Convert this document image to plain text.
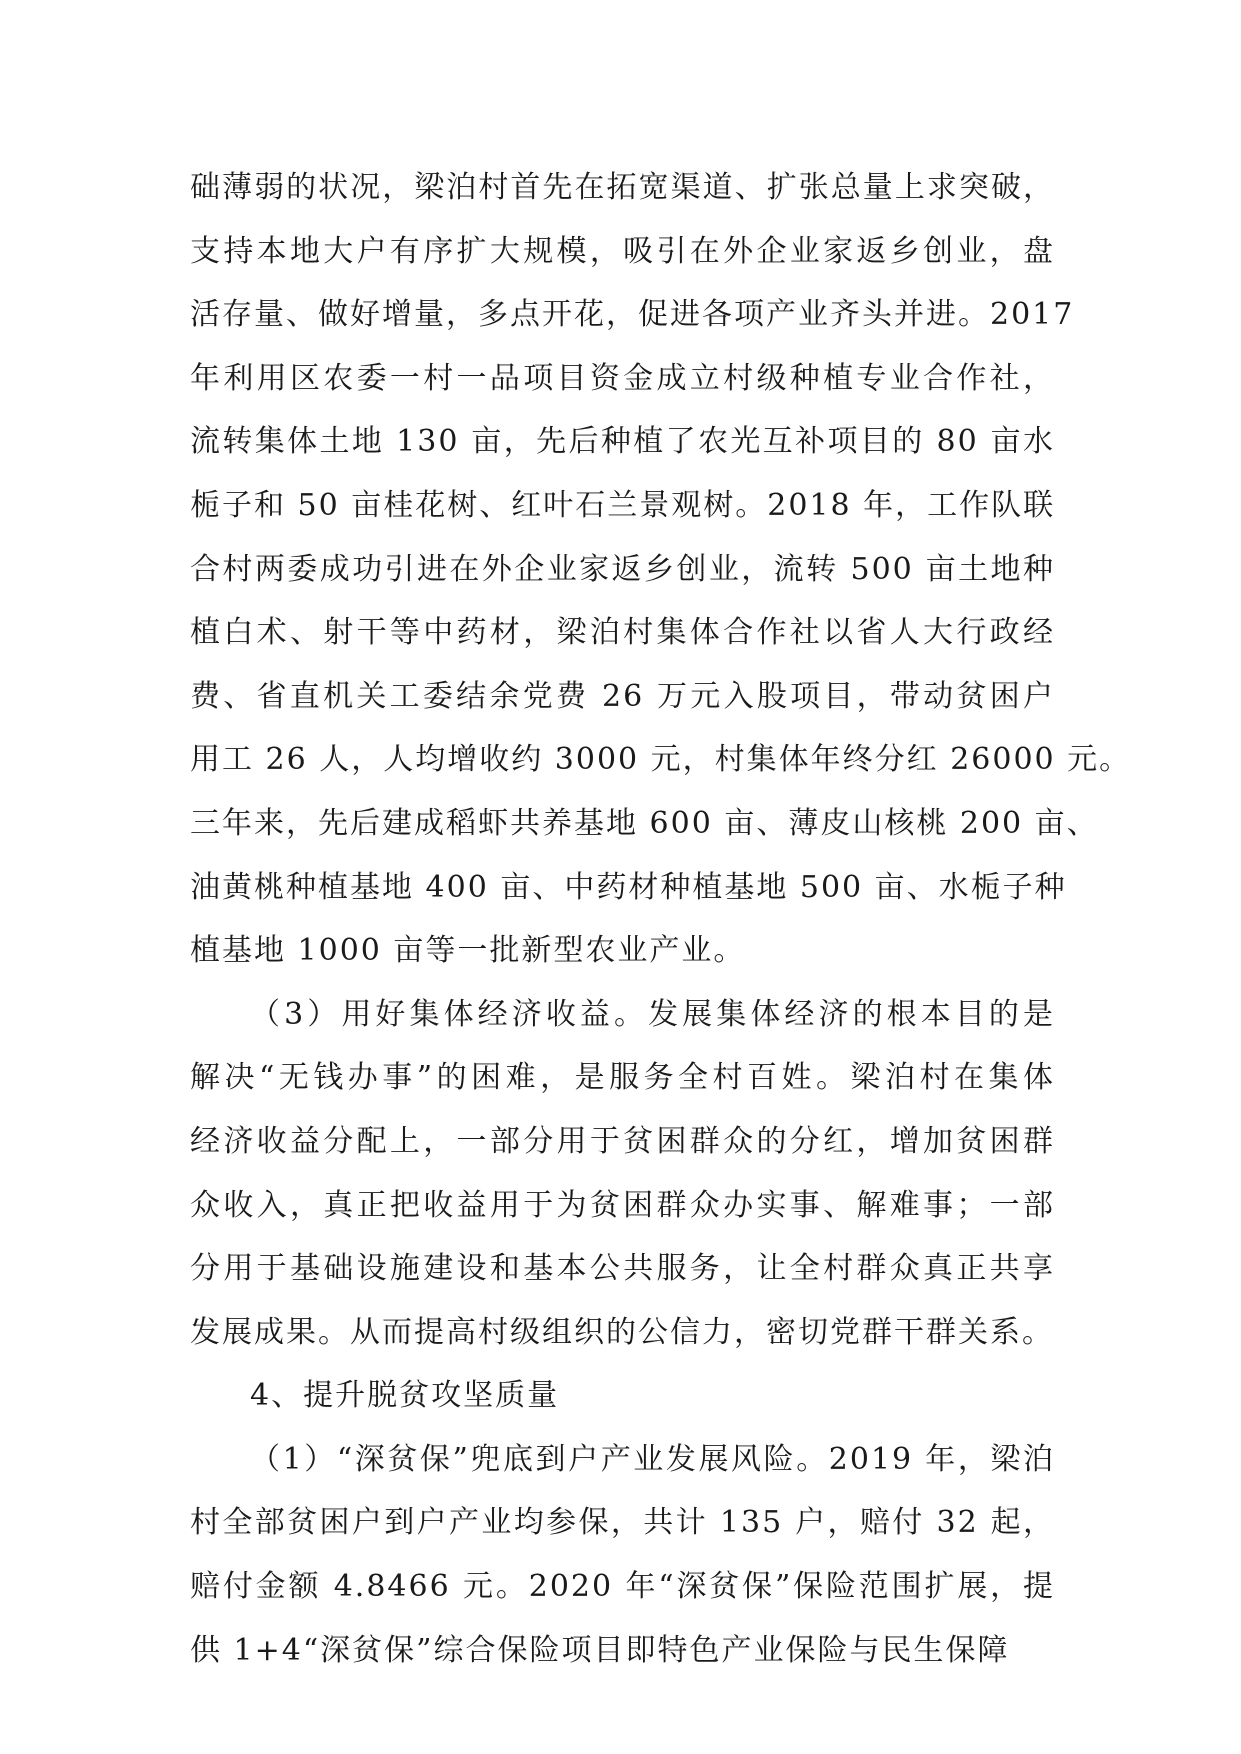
础薄弱的状况，梁泊村首先在拓宽渠道、扩张总量上求突破，
支持本地大户有序扩大规模，吸引在外企业家返乡创业，盘
活存量、做好增量，多点开花，促进各项产业齐头并进。2017
年利用区农委一村一品项目资金成立村级种植专业合作社，
流转集体土地 130 亩，先后种植了农光互补项目的 80 亩水
栀子和 50 亩桂花树、红叶石兰景观树。2018 年，工作队联
合村两委成功引进在外企业家返乡创业，流转 500 亩土地种
植白术、射干等中药材，梁泊村集体合作社以省人大行政经
费、省直机关工委结余党费 26 万元入股项目，带动贫困户
用工 26 人，人均增收约 3000 元，村集体年终分红 26000 元。
三年来，先后建成稻虾共养基地 600 亩、薄皮山核桃 200 亩、
油黄桃种植基地 400 亩、中药材种植基地 500 亩、水栀子种
植基地 1000 亩等一批新型农业产业。
（3）用好集体经济收益。发展集体经济的根本目的是
解决“无钱办事”的困难，是服务全村百姓。梁泊村在集体
经济收益分配上，一部分用于贫困群众的分红，增加贫困群
众收入，真正把收益用于为贫困群众办实事、解难事；一部
分用于基础设施建设和基本公共服务，让全村群众真正共享
发展成果。从而提高村级组织的公信力，密切党群干群关系。
4、提升脱贫攻坚质量
（1）“深贫保”兜底到户产业发展风险。2019 年，梁泊
村全部贫困户到户产业均参保，共计 135 户，赔付 32 起，
赔付金额 4.8466 元。2020 年“深贫保”保险范围扩展，提
供 1+4“深贫保”综合保险项目即特色产业保险与民生保障
